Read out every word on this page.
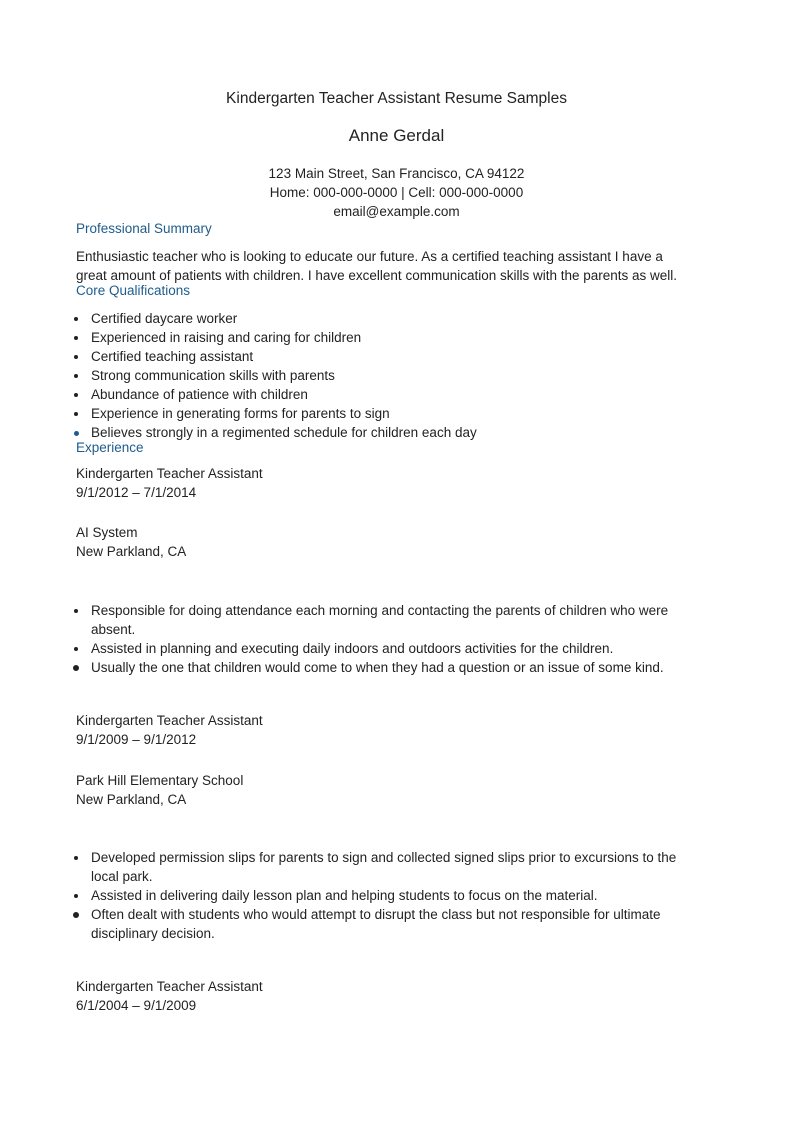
Kindergarten Teacher Assistant Resume Samples
Anne Gerdal
123 Main Street, San Francisco, CA 94122
Home: 000-000-0000 | Cell: 000-000-0000
email@example.com
Professional Summary
Enthusiastic teacher who is looking to educate our future. As a certified teaching assistant I have a
great amount of patients with children. I have excellent communication skills with the parents as well.
Core Qualifications
Certified daycare worker
Experienced in raising and caring for children
Certified teaching assistant
Strong communication skills with parents
Abundance of patience with children
Experience in generating forms for parents to sign
Believes strongly in a regimented schedule for children each day
Experience
Kindergarten Teacher Assistant
9/1/2012 – 7/1/2014
AI System
New Parkland, CA
Responsible for doing attendance each morning and contacting the parents of children who were
absent.
Assisted in planning and executing daily indoors and outdoors activities for the children.
Usually the one that children would come to when they had a question or an issue of some kind.
Kindergarten Teacher Assistant
9/1/2009 – 9/1/2012
Park Hill Elementary School
New Parkland, CA
Developed permission slips for parents to sign and collected signed slips prior to excursions to the
local park.
Assisted in delivering daily lesson plan and helping students to focus on the material.
Often dealt with students who would attempt to disrupt the class but not responsible for ultimate
disciplinary decision.
Kindergarten Teacher Assistant
6/1/2004 – 9/1/2009
